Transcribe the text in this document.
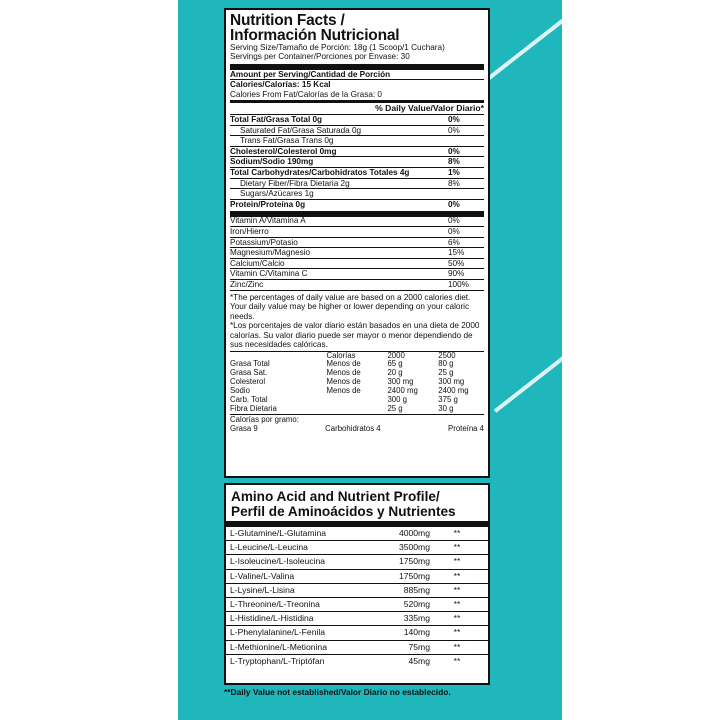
Nutrition Facts /
Información Nutricional
Serving Size/Tamaño de Porción: 18g (1 Scoop/1 Cuchara)
Servings per Container/Porciones por Envase: 30
Amount per Serving/Cantidad de Porción
Calories/Calorías: 15 Kcal
Calories From Fat/Calorías de la Grasa: 0
% Daily Value/Valor Diario*
Total Fat/Grasa Total 0g	0%
Saturated Fat/Grasa Saturada 0g	0%
Trans Fat/Grasa Trans 0g
Cholesterol/Colesterol 0mg	0%
Sodium/Sodio 190mg	8%
Total Carbohydrates/Carbohidratos Totales 4g	1%
Dietary Fiber/Fibra Dietaria 2g	8%
Sugars/Azúcares 1g
Protein/Proteína 0g	0%
Vitamin A/Vitamina A	0%
Iron/Hierro	0%
Potassium/Potasio	6%
Magnesium/Magnesio	15%
Calcium/Calcio	50%
Vitamin C/Vitamina C	90%
Zinc/Zinc	100%
*The percentages of daily value are based on a 2000 calories diet. Your daily value may be higher or lower depending on your caloric needs.
*Los porcentajes de valor diario están basados en una dieta de 2000 calorías. Su valor diario puede ser mayor o menor dependiendo de sus necesidades calóricas.
	Calorías	2000	2500
Grasa Total	Menos de	65 g	80 g
Grasa Sat.	Menos de	20 g	25 g
Colesterol	Menos de	300 mg	300 mg
Sodio	Menos de	2400 mg	2400 mg
Carb. Total		300 g	375 g
Fibra Dietaria		25 g	30 g
Calorías por gramo:
Grasa 9	Carbohidratos 4	Proteína 4
Amino Acid and Nutrient Profile/
Perfil de Aminoácidos y Nutrientes
L-Glutamine/L-Glutamina	4000mg	**
L-Leucine/L-Leucina	3500mg	**
L-Isoleucine/L-Isoleucina	1750mg	**
L-Valine/L-Valina	1750mg	**
L-Lysine/L-Lisina	885mg	**
L-Threonine/L-Treonina	520mg	**
L-Histidine/L-Histidina	335mg	**
L-Phenylalanine/L-Fenila	140mg	**
L-Methionine/L-Metionina	75mg	**
L-Tryptophan/L-Triptófan	45mg	**
**Daily Value not established/Valor Diario no establecido.
